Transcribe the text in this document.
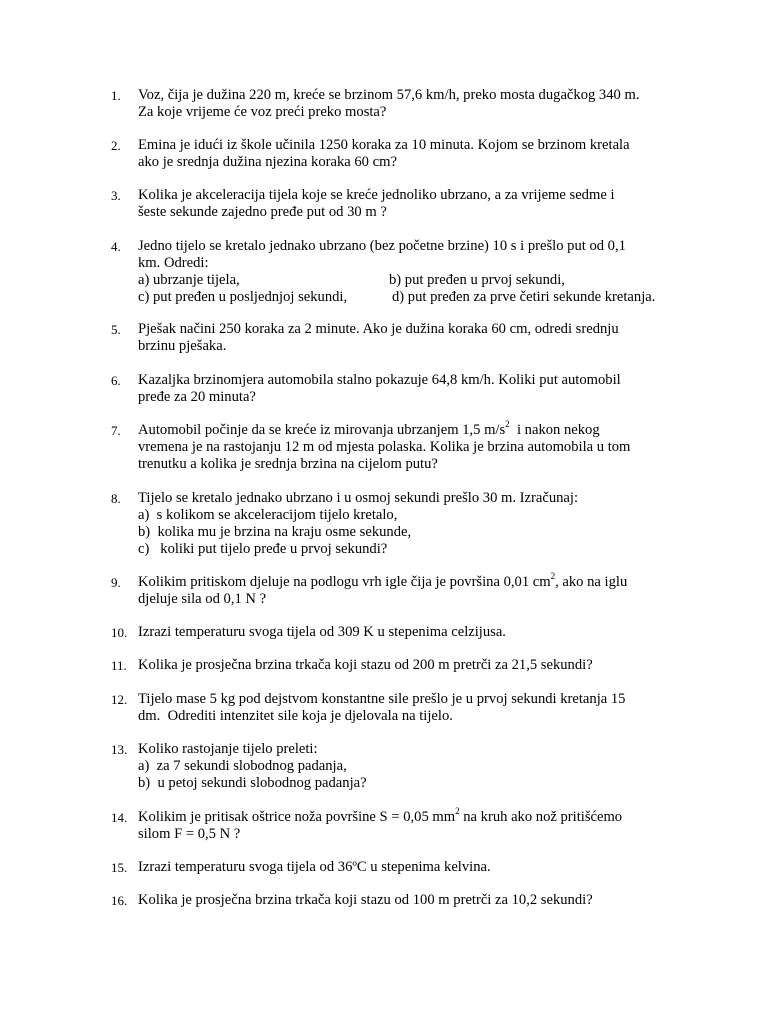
1.	Voz, čija je dužina 220 m, kreće se brzinom 57,6 km/h, preko mosta dugačkog 340 m.
Za koje vrijeme će voz preći preko mosta?
2.	Emina je idući iz škole učinila 1250 koraka za 10 minuta. Kojom se brzinom kretala
ako je srednja dužina njezina koraka 60 cm?
3.	Kolika je akceleracija tijela koje se kreće jednoliko ubrzano, a za vrijeme sedme i
šeste sekunde zajedno pređe put od 30 m ?
4.	Jedno tijelo se kretalo jednako ubrzano (bez početne brzine) 10 s i prešlo put od 0,1
km. Odredi:
a) ubrzanje tijela,	b) put pređen u prvoj sekundi,
c) put pređen u posljednjoj sekundi,	d) put pređen za prve četiri sekunde kretanja.
5.	Pješak načini 250 koraka za 2 minute. Ako je dužina koraka 60 cm, odredi srednju
brzinu pješaka.
6.	Kazaljka brzinomjera automobila stalno pokazuje 64,8 km/h. Koliki put automobil
pređe za 20 minuta?
7.	Automobil počinje da se kreće iz mirovanja ubrzanjem 1,5 $m/s^2$  i nakon nekog
vremena je na rastojanju 12 m od mjesta polaska. Kolika je brzina automobila u tom
trenutku a kolika je srednja brzina na cijelom putu?
8.	Tijelo se kretalo jednako ubrzano i u osmoj sekundi prešlo 30 m. Izračunaj:
a)  s kolikom se akceleracijom tijelo kretalo,
b)  kolika mu je brzina na kraju osme sekunde,
c)   koliki put tijelo pređe u prvoj sekundi?
9.	Kolikim pritiskom djeluje na podlogu vrh igle čija je površina 0,01 $cm^2$, ako na iglu
djeluje sila od 0,1 N ?
10. Izrazi temperaturu svoga tijela od 309 K u stepenima celzijusa.
11. Kolika je prosječna brzina trkača koji stazu od 200 m pretrči za 21,5 sekundi?
12. Tijelo mase 5 kg pod dejstvom konstantne sile prešlo je u prvoj sekundi kretanja 15
dm.  Odrediti intenzitet sile koja je djelovala na tijelo.
13. Koliko rastojanje tijelo preleti:
a)  za 7 sekundi slobodnog padanja,
b)  u petoj sekundi slobodnog padanja?
14. Kolikim je pritisak oštrice noža površine S = 0,05 $mm^2$ na kruh ako nož pritišćemo
silom F = 0,5 N ?
15. Izrazi temperaturu svoga tijela od 36ºC u stepenima kelvina.
16. Kolika je prosječna brzina trkača koji stazu od 100 m pretrči za 10,2 sekundi?
